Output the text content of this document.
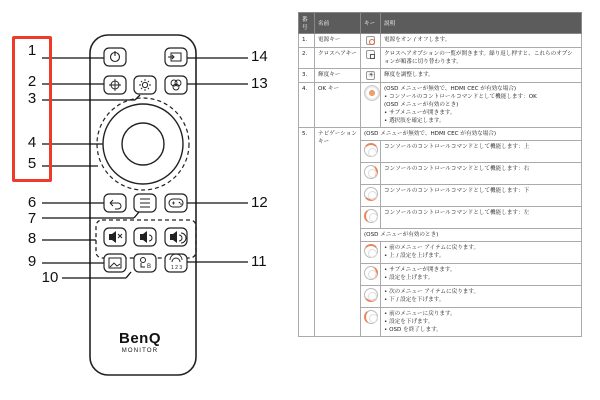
B	1 2 3
1
2
3
4
5
6
7
8
9
10
14
13
12
11
BenQ
MONITOR
番号	名前	キー	説明
1.	電源キー		電源をオン / オフします。
2.	クロスヘアキー		クロスヘアオプションの一覧が開きます。繰り返し押すと、これらのオプションが順番に切り替わります。
3.	輝度キー	☀	輝度を調整します。
4.	OK キー		(OSD メニューが無効で、HDMI CEC が有効な場合)
• コンソールのコントロールコマンドとして機能します：OK
(OSD メニューが有効のとき)
• サブメニューが開きます。
• 選択肢を確定します。

5.	ナビゲーションキー	(OSD メニューが無効で、HDMI CEC が有効な場合)	
			コンソールのコントロールコマンドとして機能します：上
			コンソールのコントロールコマンドとして機能します：右
			コンソールのコントロールコマンドとして機能します：下
			コンソールのコントロールコマンドとして機能します：左
		(OSD メニューが有効のとき)	

			• 前のメニュー アイテムに戻ります。
• 上 / 設定を上げます。

			• サブメニューが開きます。
• 設定を上げます。

			• 次のメニュー アイテムに戻ります。
• 下 / 設定を下げます。

			• 前のメニューに戻ります。
• 設定を下げます。
• OSD を終了します。
